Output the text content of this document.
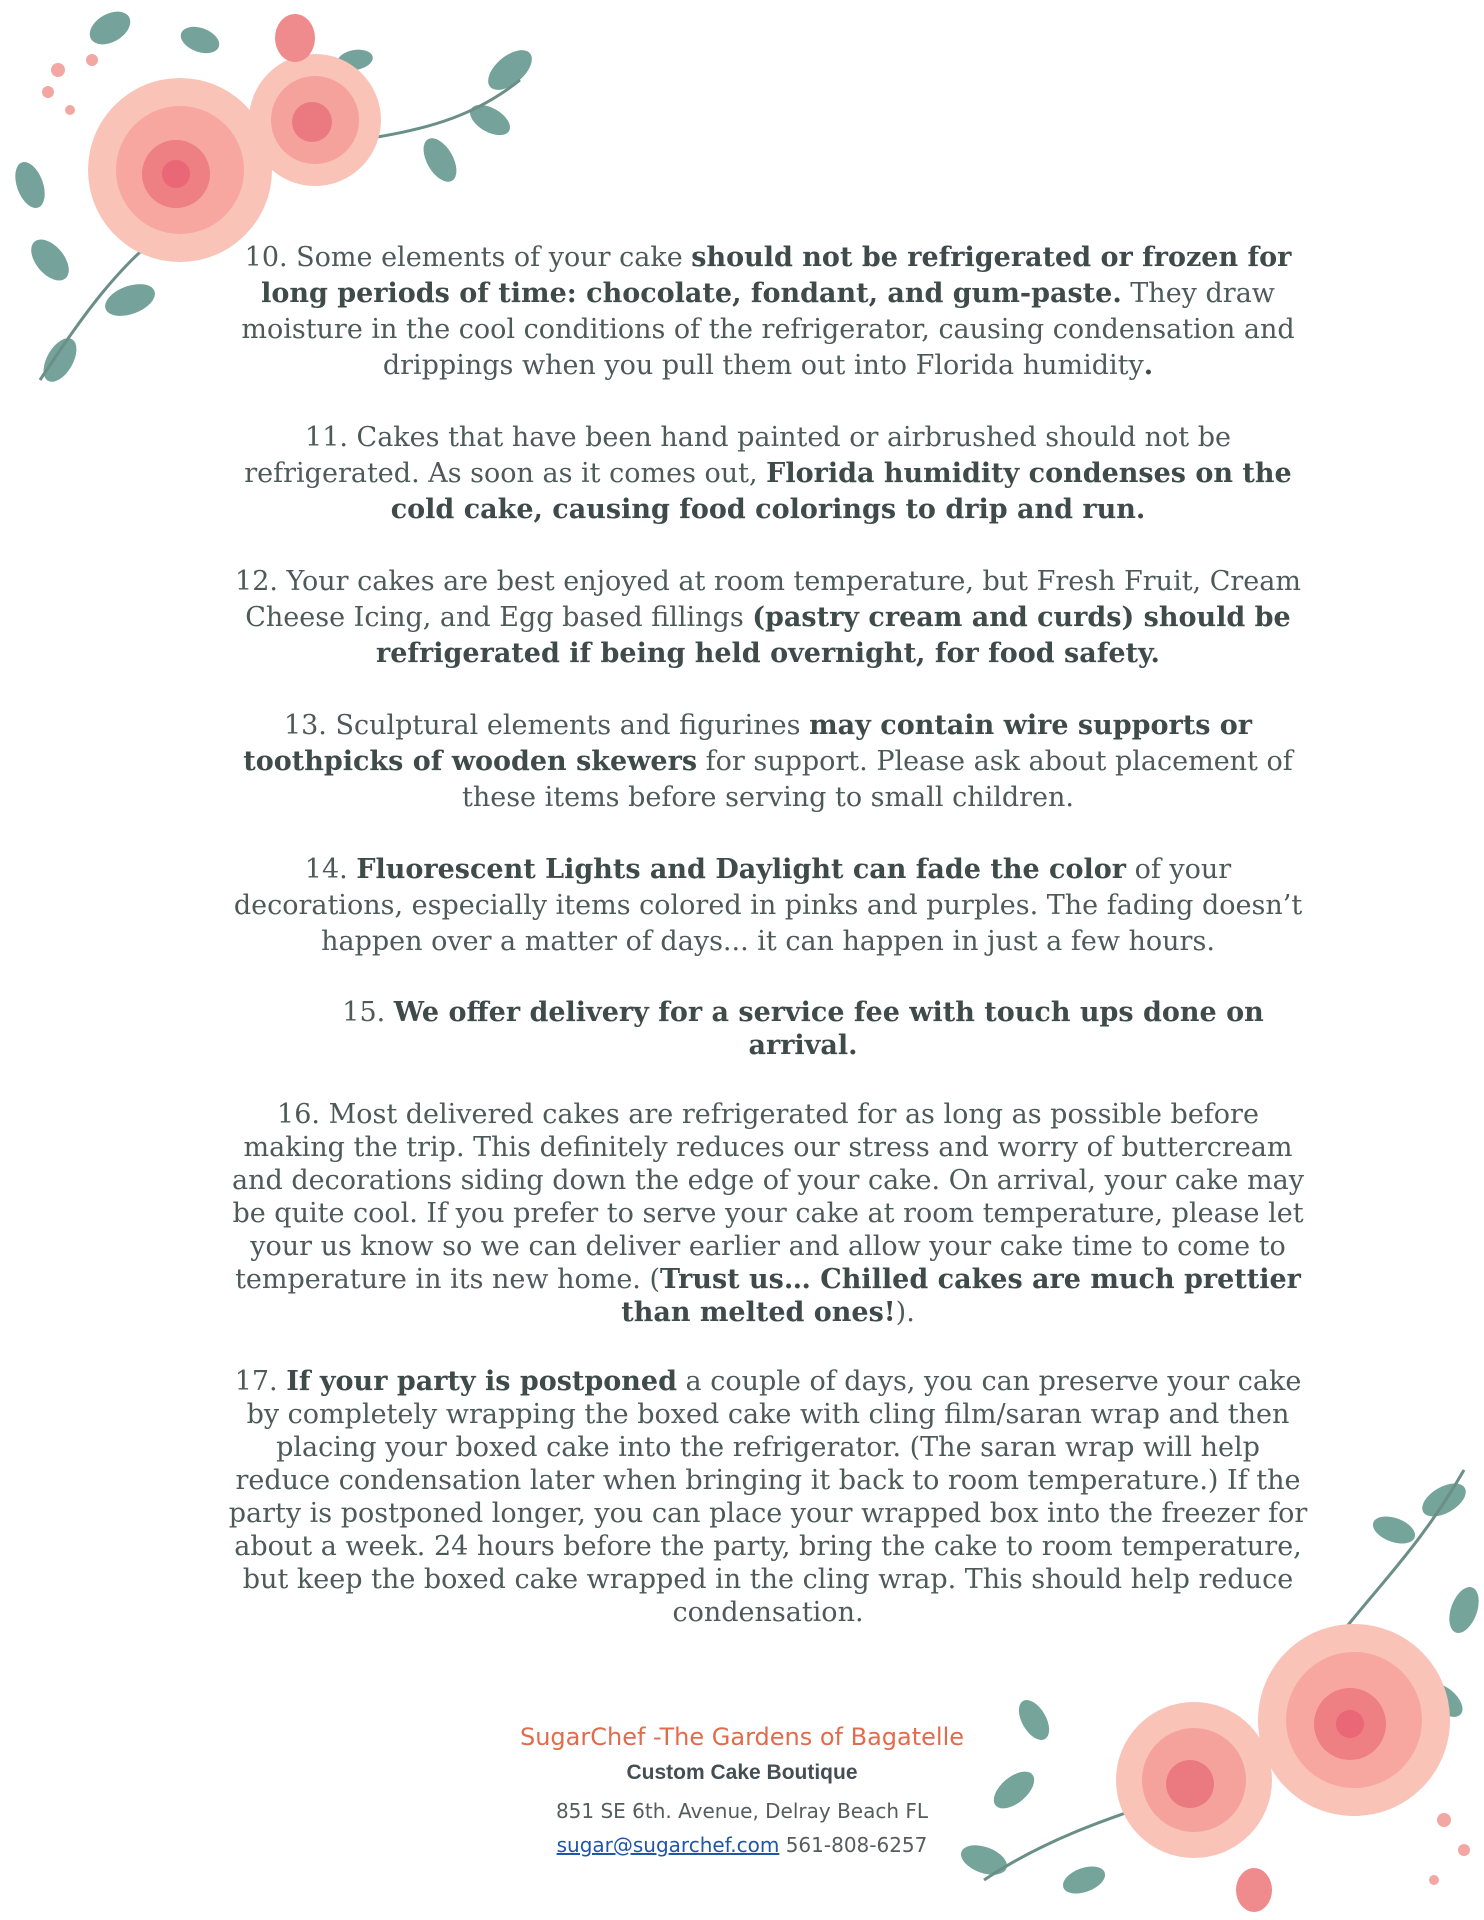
10. Some elements of your cake should not be refrigerated or frozen for long periods of time: chocolate, fondant, and gum-paste. They draw moisture in the cool conditions of the refrigerator, causing condensation and drippings when you pull them out into Florida humidity.

11. Cakes that have been hand painted or airbrushed should not be refrigerated. As soon as it comes out, Florida humidity condenses on the cold cake, causing food colorings to drip and run.

12. Your cakes are best enjoyed at room temperature, but Fresh Fruit, Cream Cheese Icing, and Egg based fillings (pastry cream and curds) should be refrigerated if being held overnight, for food safety.

13. Sculptural elements and figurines may contain wire supports or toothpicks of wooden skewers for support. Please ask about placement of these items before serving to small children.

14. Fluorescent Lights and Daylight can fade the color of your decorations, especially items colored in pinks and purples. The fading doesn’t happen over a matter of days... it can happen in just a few hours.

15. We offer delivery for a service fee with touch ups done on arrival.

16. Most delivered cakes are refrigerated for as long as possible before making the trip. This definitely reduces our stress and worry of buttercream and decorations siding down the edge of your cake. On arrival, your cake may be quite cool. If you prefer to serve your cake at room temperature, please let your us know so we can deliver earlier and allow your cake time to come to temperature in its new home. (Trust us… Chilled cakes are much prettier than melted ones!).

17. If your party is postponed a couple of days, you can preserve your cake by completely wrapping the boxed cake with cling film/saran wrap and then placing your boxed cake into the refrigerator. (The saran wrap will help reduce condensation later when bringing it back to room temperature.) If the party is postponed longer, you can place your wrapped box into the freezer for about a week. 24 hours before the party, bring the cake to room temperature, but keep the boxed cake wrapped in the cling wrap. This should help reduce condensation.

SugarChef -The Gardens of Bagatelle
Custom Cake Boutique
851 SE 6th. Avenue, Delray Beach FL
sugar@sugarchef.com 561-808-6257
